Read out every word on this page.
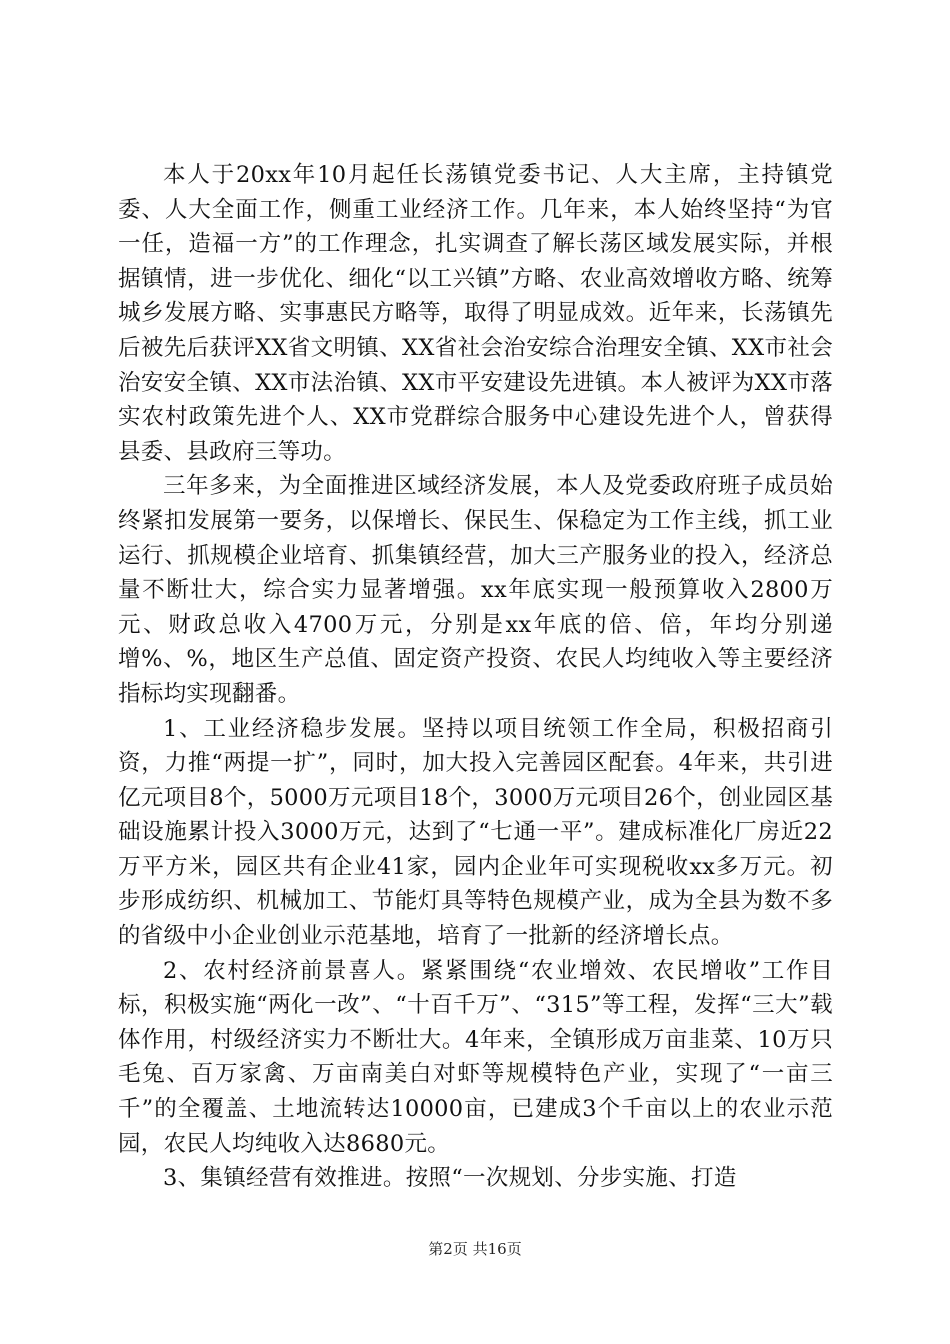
本人于20xx年10月起任长荡镇党委书记、人大主席，主持镇党委、人大全面工作，侧重工业经济工作。几年来，本人始终坚持“为官一任，造福一方”的工作理念，扎实调查了解长荡区域发展实际，并根据镇情，进一步优化、细化“以工兴镇”方略、农业高效增收方略、统筹城乡发展方略、实事惠民方略等，取得了明显成效。近年来，长荡镇先后被先后获评XX省文明镇、XX省社会治安综合治理安全镇、XX市社会治安安全镇、XX市法治镇、XX市平安建设先进镇。本人被评为XX市落实农村政策先进个人、XX市党群综合服务中心建设先进个人，曾获得县委、县政府三等功。

三年多来，为全面推进区域经济发展，本人及党委政府班子成员始终紧扣发展第一要务，以保增长、保民生、保稳定为工作主线，抓工业运行、抓规模企业培育、抓集镇经营，加大三产服务业的投入，经济总量不断壮大，综合实力显著增强。xx年底实现一般预算收入2800万元、财政总收入4700万元，分别是xx年底的倍、倍，年均分别递增%、%，地区生产总值、固定资产投资、农民人均纯收入等主要经济指标均实现翻番。

1、工业经济稳步发展。坚持以项目统领工作全局，积极招商引资，力推“两提一扩”，同时，加大投入完善园区配套。4年来，共引进亿元项目8个，5000万元项目18个，3000万元项目26个，创业园区基础设施累计投入3000万元，达到了“七通一平”。建成标准化厂房近22万平方米，园区共有企业41家，园内企业年可实现税收xx多万元。初步形成纺织、机械加工、节能灯具等特色规模产业，成为全县为数不多的省级中小企业创业示范基地，培育了一批新的经济增长点。

2、农村经济前景喜人。紧紧围绕“农业增效、农民增收”工作目标，积极实施“两化一改”、“十百千万”、“315”等工程，发挥“三大”载体作用，村级经济实力不断壮大。4年来，全镇形成万亩韭菜、10万只毛兔、百万家禽、万亩南美白对虾等规模特色产业，实现了“一亩三千”的全覆盖、土地流转达10000亩，已建成3个千亩以上的农业示范园，农民人均纯收入达8680元。

3、集镇经营有效推进。按照“一次规划、分步实施、打造

第2页 共16页
